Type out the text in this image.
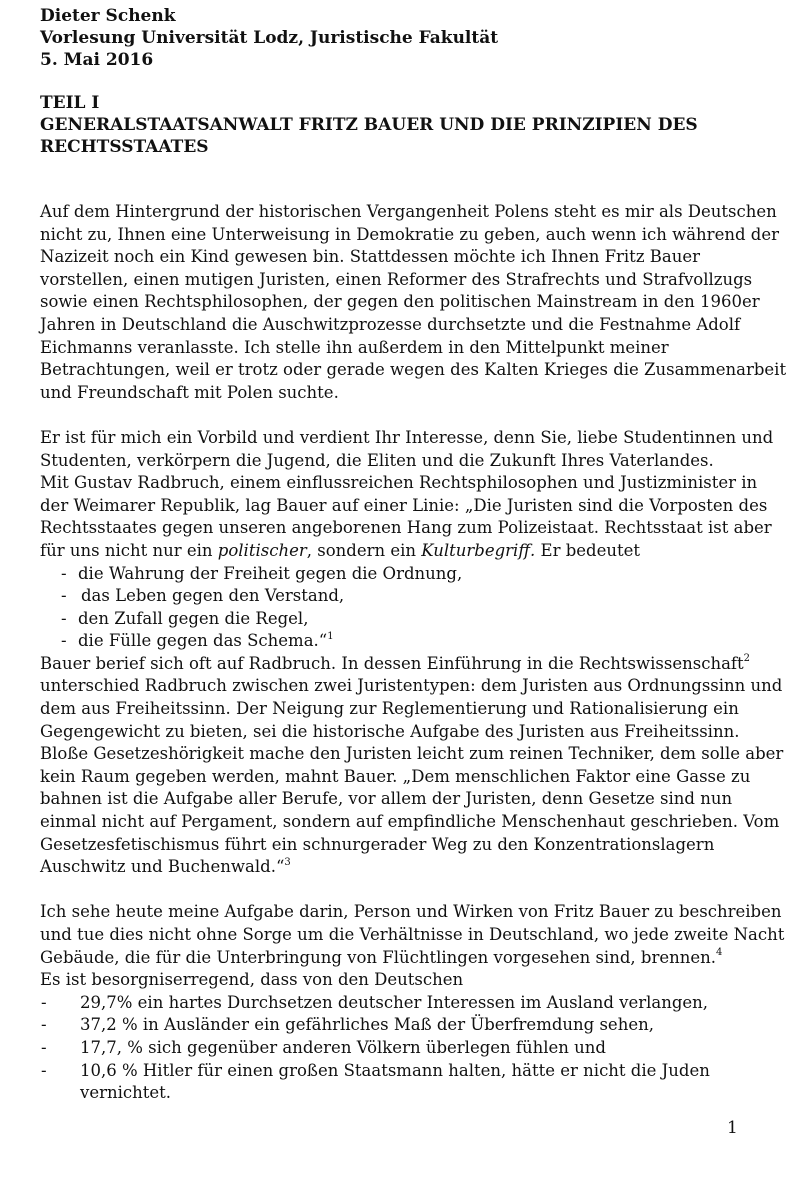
Dieter Schenk
Vorlesung Universität Lodz, Juristische Fakultät
5. Mai 2016
TEIL I
GENERALSTAATSANWALT FRITZ BAUER UND DIE PRINZIPIEN DES
RECHTSSTAATES
Auf dem Hintergrund der historischen Vergangenheit Polens steht es mir als Deutschen
nicht zu, Ihnen eine Unterweisung in Demokratie zu geben, auch wenn ich während der
Nazizeit noch ein Kind gewesen bin. Stattdessen möchte ich Ihnen Fritz Bauer
vorstellen, einen mutigen Juristen, einen Reformer des Strafrechts und Strafvollzugs
sowie einen Rechtsphilosophen, der gegen den politischen Mainstream in den 1960er
Jahren in Deutschland die Auschwitzprozesse durchsetzte und die Festnahme Adolf
Eichmanns veranlasste. Ich stelle ihn außerdem in den Mittelpunkt meiner
Betrachtungen, weil er trotz oder gerade wegen des Kalten Krieges die Zusammenarbeit
und Freundschaft mit Polen suchte.
Er ist für mich ein Vorbild und verdient Ihr Interesse, denn Sie, liebe Studentinnen und
Studenten, verkörpern die Jugend, die Eliten und die Zukunft Ihres Vaterlandes.
Mit Gustav Radbruch, einem einflussreichen Rechtsphilosophen und Justizminister in
der Weimarer Republik, lag Bauer auf einer Linie: „Die Juristen sind die Vorposten des
Rechtsstaates gegen unseren angeborenen Hang zum Polizeistaat. Rechtsstaat ist aber
für uns nicht nur ein politischer, sondern ein Kulturbegriff. Er bedeutet
- die Wahrung der Freiheit gegen die Ordnung,
- das Leben gegen den Verstand,
- den Zufall gegen die Regel,
- die Fülle gegen das Schema.“$^1$
Bauer berief sich oft auf Radbruch. In dessen Einführung in die Rechtswissenschaft$^2$
unterschied Radbruch zwischen zwei Juristentypen: dem Juristen aus Ordnungssinn und
dem aus Freiheitssinn. Der Neigung zur Reglementierung und Rationalisierung ein
Gegengewicht zu bieten, sei die historische Aufgabe des Juristen aus Freiheitssinn.
Bloße Gesetzeshörigkeit mache den Juristen leicht zum reinen Techniker, dem solle aber
kein Raum gegeben werden, mahnt Bauer. „Dem menschlichen Faktor eine Gasse zu
bahnen ist die Aufgabe aller Berufe, vor allem der Juristen, denn Gesetze sind nun
einmal nicht auf Pergament, sondern auf empfindliche Menschenhaut geschrieben. Vom
Gesetzesfetischismus führt ein schnurgerader Weg zu den Konzentrationslagern
Auschwitz und Buchenwald.“$^3$
Ich sehe heute meine Aufgabe darin, Person und Wirken von Fritz Bauer zu beschreiben
und tue dies nicht ohne Sorge um die Verhältnisse in Deutschland, wo jede zweite Nacht
Gebäude, die für die Unterbringung von Flüchtlingen vorgesehen sind, brennen.$^4$
Es ist besorgniserregend, dass von den Deutschen
- 29,7% ein hartes Durchsetzen deutscher Interessen im Ausland verlangen,
- 37,2 % in Ausländer ein gefährliches Maß der Überfremdung sehen,
- 17,7, % sich gegenüber anderen Völkern überlegen fühlen und
- 10,6 % Hitler für einen großen Staatsmann halten, hätte er nicht die Juden
vernichtet.
1
